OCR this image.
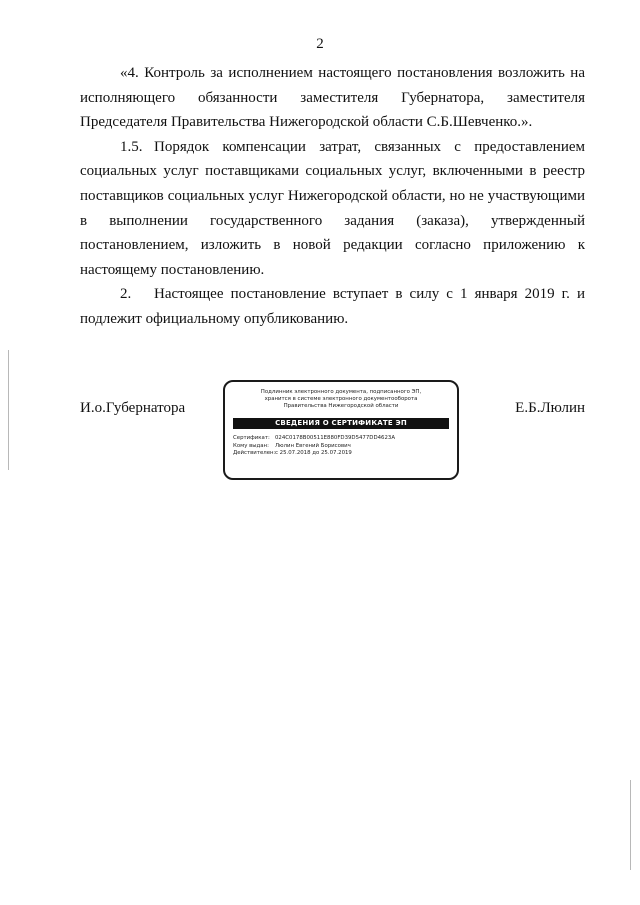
2
«4. Контроль за исполнением настоящего постановления возложить на
исполняющего обязанности заместителя Губернатора, заместителя
Председателя Правительства Нижегородской области С.Б.Шевченко.».
1.5. Порядок компенсации затрат, связанных с предоставлением
социальных услуг поставщиками социальных услуг, включенными в реестр
поставщиков социальных услуг Нижегородской области, но не участвующими
в выполнении государственного задания (заказа), утвержденный
постановлением, изложить в новой редакции согласно приложению к
настоящему постановлению.
2. Настоящее постановление вступает в силу с 1 января 2019 г. и
подлежит официальному опубликованию.
И.о.Губернатора
Подлинник электронного документа, подписанного ЭП,
хранится в системе электронного документооборота
Правительства Нижегородской области
СВЕДЕНИЯ О СЕРТИФИКАТЕ ЭП
Сертификат: 024C0178B00511E880FD39D5477DD4623A
Кому выдан: Люлин Евгений Борисович
Действителен:с 25.07.2018 до 25.07.2019
Е.Б.Люлин
